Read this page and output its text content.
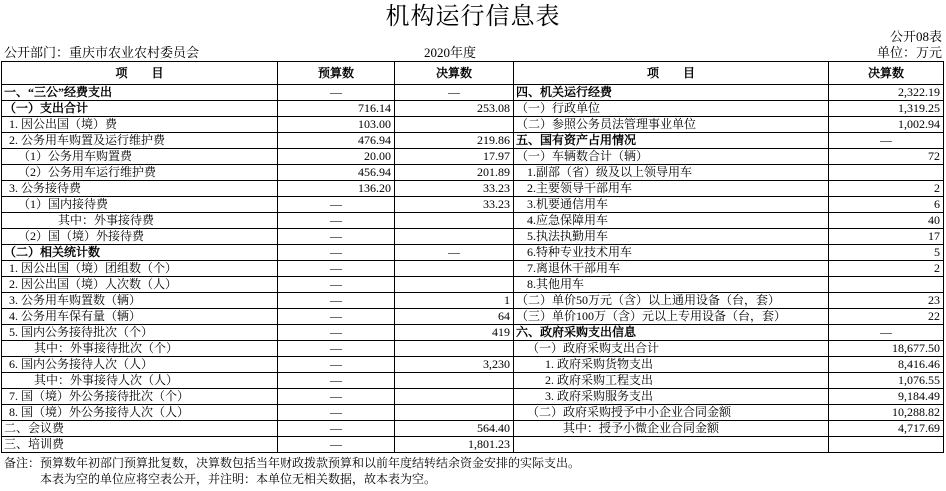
机构运行信息表
公开08表
公开部门：重庆市农业农村委员会	2020年度	单位：万元
项　　目	预算数	决算数	项　　目	决算数
一、“三公”经费支出	—	—	四、机关运行经费	2,322.19
（一）支出合计	716.14	253.08	（一）行政单位	1,319.25
1. 因公出国（境）费	103.00		（二）参照公务员法管理事业单位	1,002.94
2. 公务用车购置及运行维护费	476.94	219.86	五、国有资产占用情况	—
（1）公务用车购置费	20.00	17.97	（一）车辆数合计（辆）	72
（2）公务用车运行维护费	456.94	201.89	1.副部（省）级及以上领导用车	
3. 公务接待费	136.20	33.23	2.主要领导干部用车	2
（1）国内接待费	—	33.23	3.机要通信用车	6
其中：外事接待费	—		4.应急保障用车	40
（2）国（境）外接待费	—		5.执法执勤用车	17
（二）相关统计数	—	—	6.特种专业技术用车	5
1. 因公出国（境）团组数（个）	—		7.离退休干部用车	2
2. 因公出国（境）人次数（人）	—		8.其他用车	
3. 公务用车购置数（辆）	—	1	（二）单价50万元（含）以上通用设备（台，套）	23
4. 公务用车保有量（辆）	—	64	（三）单价100万（含）元以上专用设备（台，套）	22
5. 国内公务接待批次（个）	—	419	六、政府采购支出信息	—
其中：外事接待批次（个）	—		（一）政府采购支出合计	18,677.50
6. 国内公务接待人次（人）	—	3,230	1. 政府采购货物支出	8,416.46
其中：外事接待人次（人）	—		2. 政府采购工程支出	1,076.55
7. 国（境）外公务接待批次（个）	—		3. 政府采购服务支出	9,184.49
8. 国（境）外公务接待人次（人）	—		（二）政府采购授予中小企业合同金额	10,288.82
二、会议费	—	564.40	其中：授予小微企业合同金额	4,717.69
三、培训费	—	1,801.23		
备注：预算数年初部门预算批复数，决算数包括当年财政拨款预算和以前年度结转结余资金安排的实际支出。
本表为空的单位应将空表公开，并注明：本单位无相关数据，故本表为空。
